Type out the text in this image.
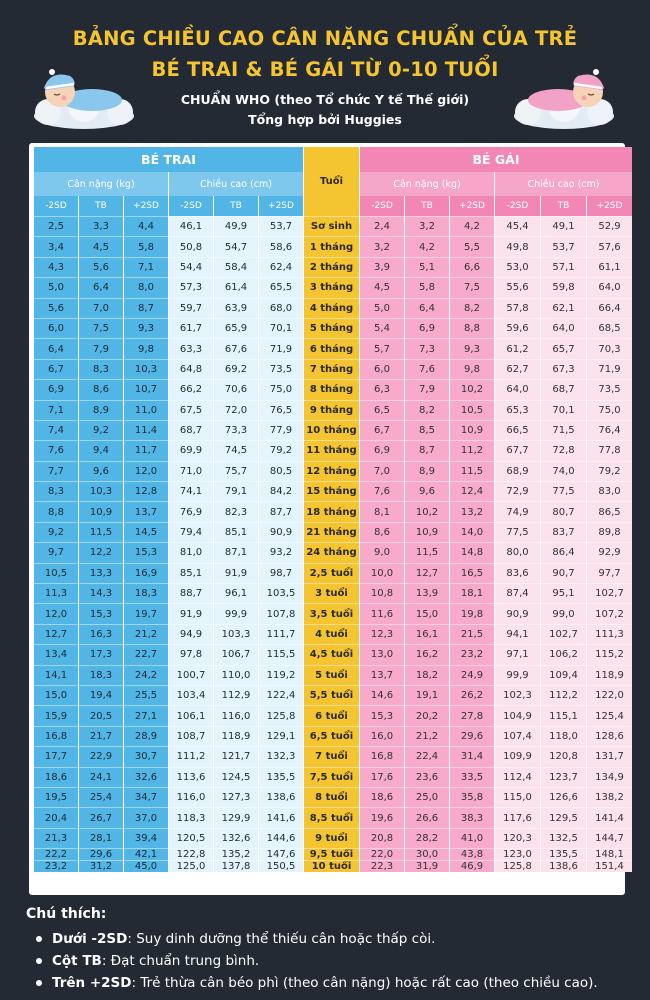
BẢNG CHIỀU CAO CÂN NẶNG CHUẨN CỦA TRẺ
BÉ TRAI & BÉ GÁI TỪ 0-10 TUỔI
CHUẨN WHO (theo Tổ chức Y tế Thế giới)
Tổng hợp bởi Huggies
BÉ TRAI
Tuổi
BÉ GÁI
Cân nặng (kg)	Chiều cao (cm)	Cân nặng (kg)	Chiều cao (cm)
-2SD	TB	+2SD	-2SD	TB	+2SD	-2SD	TB	+2SD	-2SD	TB	+2SD
2,5	3,3	4,4	46,1	49,9	53,7	Sơ sinh	2,4	3,2	4,2	45,4	49,1	52,9
3,4	4,5	5,8	50,8	54,7	58,6	1 tháng	3,2	4,2	5,5	49,8	53,7	57,6
4,3	5,6	7,1	54,4	58,4	62,4	2 tháng	3,9	5,1	6,6	53,0	57,1	61,1
5,0	6,4	8,0	57,3	61,4	65,5	3 tháng	4,5	5,8	7,5	55,6	59,8	64,0
5,6	7,0	8,7	59,7	63,9	68,0	4 tháng	5,0	6,4	8,2	57,8	62,1	66,4
6,0	7,5	9,3	61,7	65,9	70,1	5 tháng	5,4	6,9	8,8	59,6	64,0	68,5
6,4	7,9	9,8	63,3	67,6	71,9	6 tháng	5,7	7,3	9,3	61,2	65,7	70,3
6,7	8,3	10,3	64,8	69,2	73,5	7 tháng	6,0	7,6	9,8	62,7	67,3	71,9
6,9	8,6	10,7	66,2	70,6	75,0	8 tháng	6,3	7,9	10,2	64,0	68,7	73,5
7,1	8,9	11,0	67,5	72,0	76,5	9 tháng	6,5	8,2	10,5	65,3	70,1	75,0
7,4	9,2	11,4	68,7	73,3	77,9	10 tháng	6,7	8,5	10,9	66,5	71,5	76,4
7,6	9,4	11,7	69,9	74,5	79,2	11 tháng	6,9	8,7	11,2	67,7	72,8	77,8
7,7	9,6	12,0	71,0	75,7	80,5	12 tháng	7,0	8,9	11,5	68,9	74,0	79,2
8,3	10,3	12,8	74,1	79,1	84,2	15 tháng	7,6	9,6	12,4	72,9	77,5	83,0
8,8	10,9	13,7	76,9	82,3	87,7	18 tháng	8,1	10,2	13,2	74,9	80,7	86,5
9,2	11,5	14,5	79,4	85,1	90,9	21 tháng	8,6	10,9	14,0	77,5	83,7	89,8
9,7	12,2	15,3	81,0	87,1	93,2	24 tháng	9,0	11,5	14,8	80,0	86,4	92,9
10,5	13,3	16,9	85,1	91,9	98,7	2,5 tuổi	10,0	12,7	16,5	83,6	90,7	97,7
11,3	14,3	18,3	88,7	96,1	103,5	3 tuổi	10,8	13,9	18,1	87,4	95,1	102,7
12,0	15,3	19,7	91,9	99,9	107,8	3,5 tuổi	11,6	15,0	19,8	90,9	99,0	107,2
12,7	16,3	21,2	94,9	103,3	111,7	4 tuổi	12,3	16,1	21,5	94,1	102,7	111,3
13,4	17,3	22,7	97,8	106,7	115,5	4,5 tuổi	13,0	16,2	23,2	97,1	106,2	115,2
14,1	18,3	24,2	100,7	110,0	119,2	5 tuổi	13,7	18,2	24,9	99,9	109,4	118,9
15,0	19,4	25,5	103,4	112,9	122,4	5,5 tuổi	14,6	19,1	26,2	102,3	112,2	122,0
15,9	20,5	27,1	106,1	116,0	125,8	6 tuổi	15,3	20,2	27,8	104,9	115,1	125,4
16,8	21,7	28,9	108,7	118,9	129,1	6,5 tuổi	16,0	21,2	29,6	107,4	118,0	128,6
17,7	22,9	30,7	111,2	121,7	132,3	7 tuổi	16,8	22,4	31,4	109,9	120,8	131,7
18,6	24,1	32,6	113,6	124,5	135,5	7,5 tuổi	17,6	23,6	33,5	112,4	123,7	134,9
19,5	25,4	34,7	116,0	127,3	138,6	8 tuổi	18,6	25,0	35,8	115,0	126,6	138,2
20,4	26,7	37,0	118,3	129,9	141,6	8,5 tuổi	19,6	26,6	38,3	117,6	129,5	141,4
21,3	28,1	39,4	120,5	132,6	144,6	9 tuổi	20,8	28,2	41,0	120,3	132,5	144,7
22,2	29,6	42,1	122,8	135,2	147,6	9,5 tuổi	22,0	30,0	43,8	123,0	135,5	148,1
23,2	31,2	45,0	125,0	137,8	150,5	10 tuổi	22,3	31,9	46,9	125,8	138,6	151,4
Chú thích:
Dưới -2SD: Suy dinh dưỡng thể thiếu cân hoặc thấp còi.
Cột TB: Đạt chuẩn trung bình.
Trên +2SD: Trẻ thừa cân béo phì (theo cân nặng) hoặc rất cao (theo chiều cao).
